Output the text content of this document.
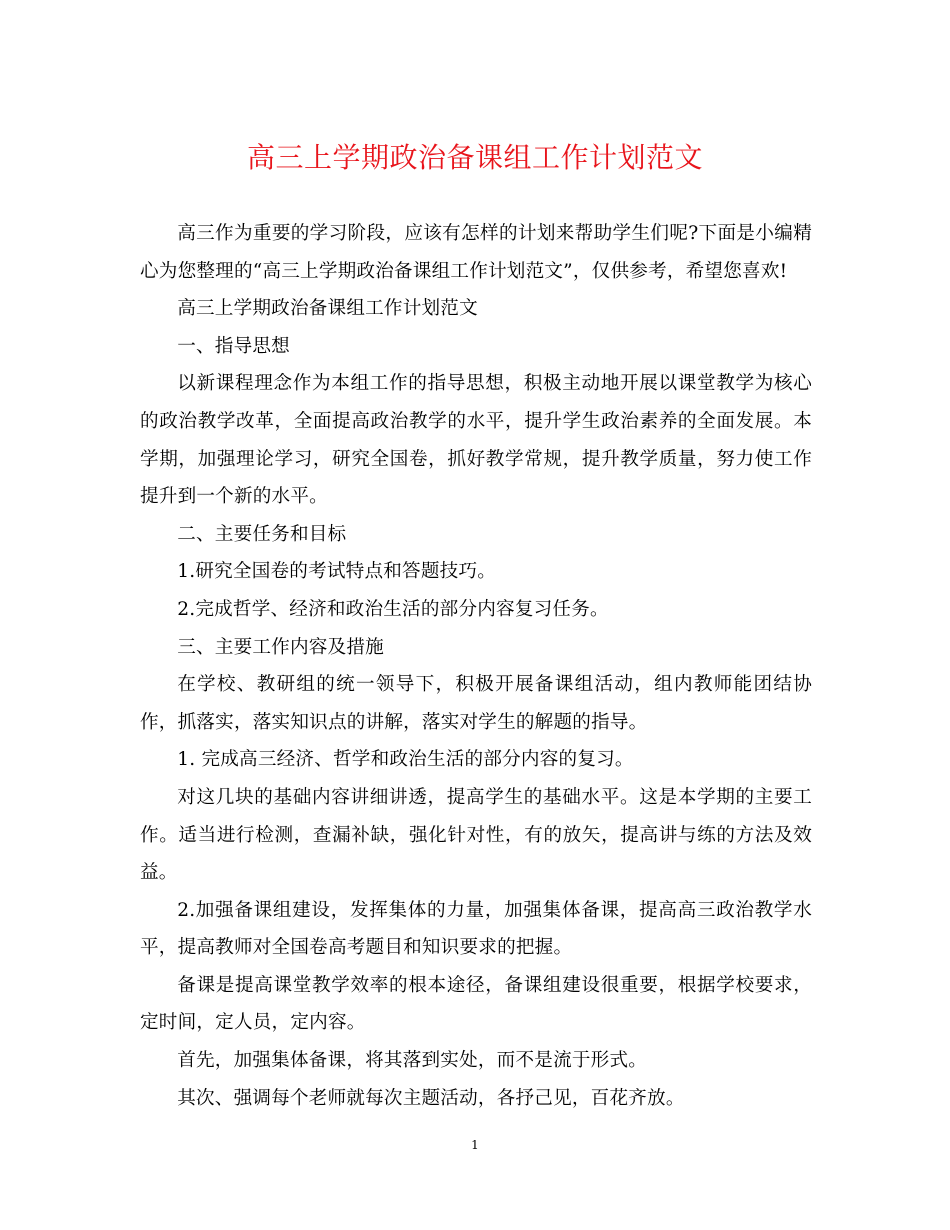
高三上学期政治备课组工作计划范文

高三作为重要的学习阶段，应该有怎样的计划来帮助学生们呢?下面是小编精心为您整理的“高三上学期政治备课组工作计划范文”，仅供参考，希望您喜欢!

高三上学期政治备课组工作计划范文

一、指导思想

以新课程理念作为本组工作的指导思想，积极主动地开展以课堂教学为核心的政治教学改革，全面提高政治教学的水平，提升学生政治素养的全面发展。本学期，加强理论学习，研究全国卷，抓好教学常规，提升教学质量，努力使工作提升到一个新的水平。

二、主要任务和目标

1.研究全国卷的考试特点和答题技巧。

2.完成哲学、经济和政治生活的部分内容复习任务。

三、主要工作内容及措施

在学校、教研组的统一领导下，积极开展备课组活动，组内教师能团结协作，抓落实，落实知识点的讲解，落实对学生的解题的指导。

1. 完成高三经济、哲学和政治生活的部分内容的复习。

对这几块的基础内容讲细讲透，提高学生的基础水平。这是本学期的主要工作。适当进行检测，查漏补缺，强化针对性，有的放矢，提高讲与练的方法及效益。

2.加强备课组建设，发挥集体的力量，加强集体备课，提高高三政治教学水平，提高教师对全国卷高考题目和知识要求的把握。

备课是提高课堂教学效率的根本途径，备课组建设很重要，根据学校要求，定时间，定人员，定内容。

首先，加强集体备课，将其落到实处，而不是流于形式。

其次、强调每个老师就每次主题活动，各抒己见，百花齐放。

1
